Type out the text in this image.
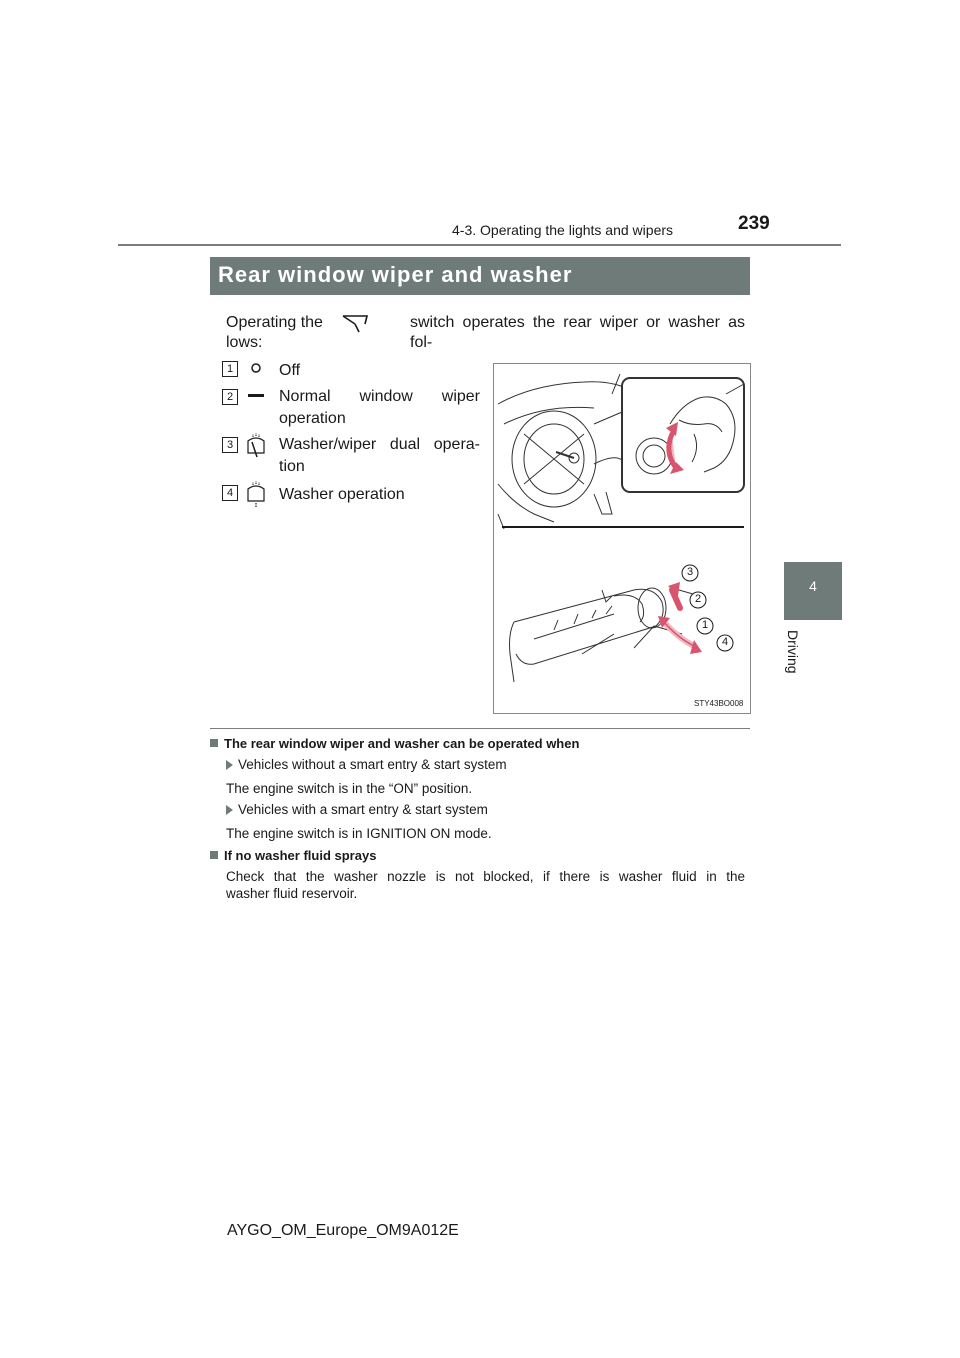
239
4-3. Operating the lights and wipers
4
Driving
Rear window wiper and washer
Operating the	switch operates the rear wiper or washer as fol-
lows:
1	Off
2	Normal window wiper
operation
3	Washer/wiper dual opera-
tion
4	Washer operation
3
2
1
4
STY43BO008
The rear window wiper and washer can be operated when
Vehicles without a smart entry & start system
The engine switch is in the “ON” position.
Vehicles with a smart entry & start system
The engine switch is in IGNITION ON mode.
If no washer fluid sprays
Check that the washer nozzle is not blocked, if there is washer fluid in the
washer fluid reservoir.
AYGO_OM_Europe_OM9A012E
